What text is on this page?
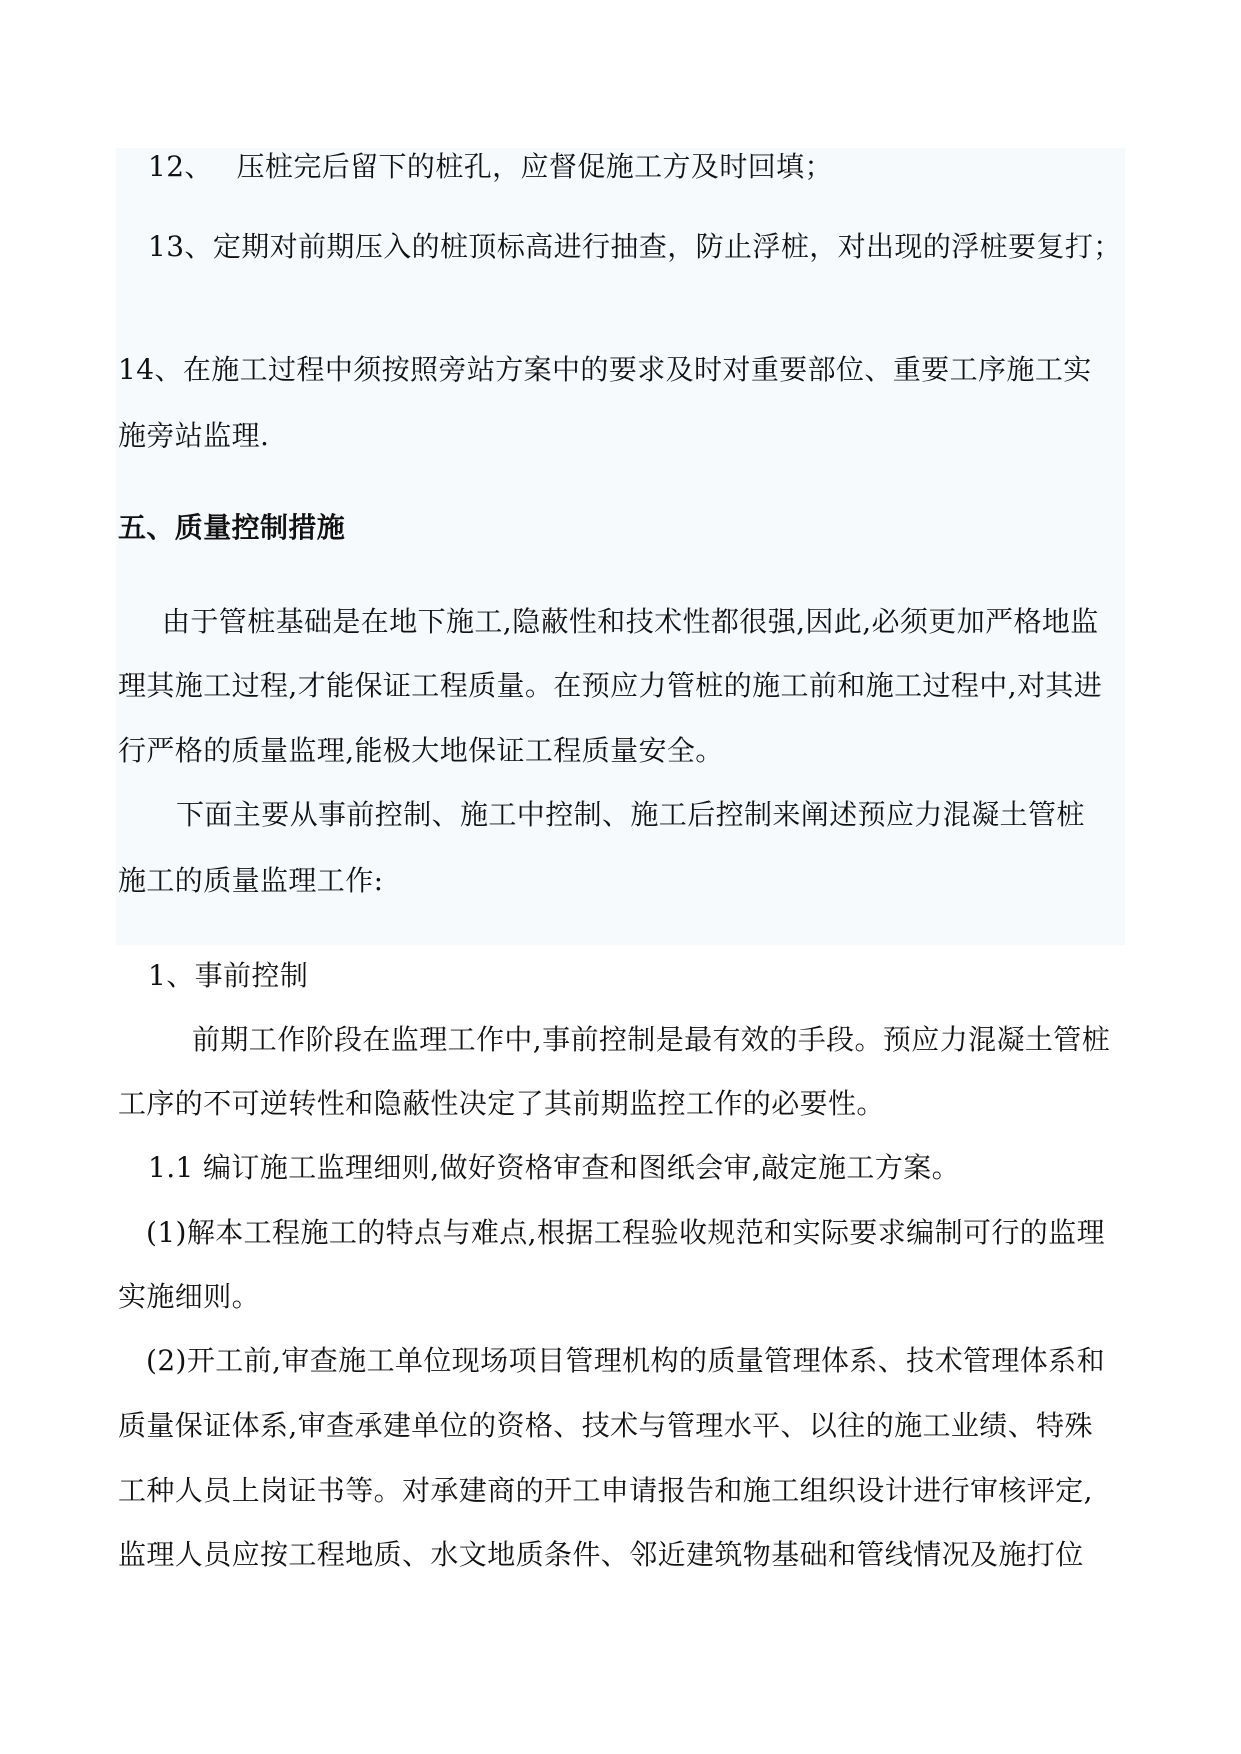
12、　 压桩完后留下的桩孔，应督促施工方及时回填；
13、定期对前期压入的桩顶标高进行抽查，防止浮桩，对出现的浮桩要复打；
14、在施工过程中须按照旁站方案中的要求及时对重要部位、重要工序施工实
施旁站监理.
五、质量控制措施
由于管桩基础是在地下施工,隐蔽性和技术性都很强,因此,必须更加严格地监
理其施工过程,才能保证工程质量。在预应力管桩的施工前和施工过程中,对其进
行严格的质量监理,能极大地保证工程质量安全。
下面主要从事前控制、施工中控制、施工后控制来阐述预应力混凝土管桩
施工的质量监理工作:
1、事前控制
前期工作阶段在监理工作中,事前控制是最有效的手段。预应力混凝土管桩
工序的不可逆转性和隐蔽性决定了其前期监控工作的必要性。
1.1 编订施工监理细则,做好资格审查和图纸会审,敲定施工方案。
(1)解本工程施工的特点与难点,根据工程验收规范和实际要求编制可行的监理
实施细则。
(2)开工前,审查施工单位现场项目管理机构的质量管理体系、技术管理体系和
质量保证体系,审查承建单位的资格、技术与管理水平、以往的施工业绩、特殊
工种人员上岗证书等。对承建商的开工申请报告和施工组织设计进行审核评定,
监理人员应按工程地质、水文地质条件、邻近建筑物基础和管线情况及施打位
